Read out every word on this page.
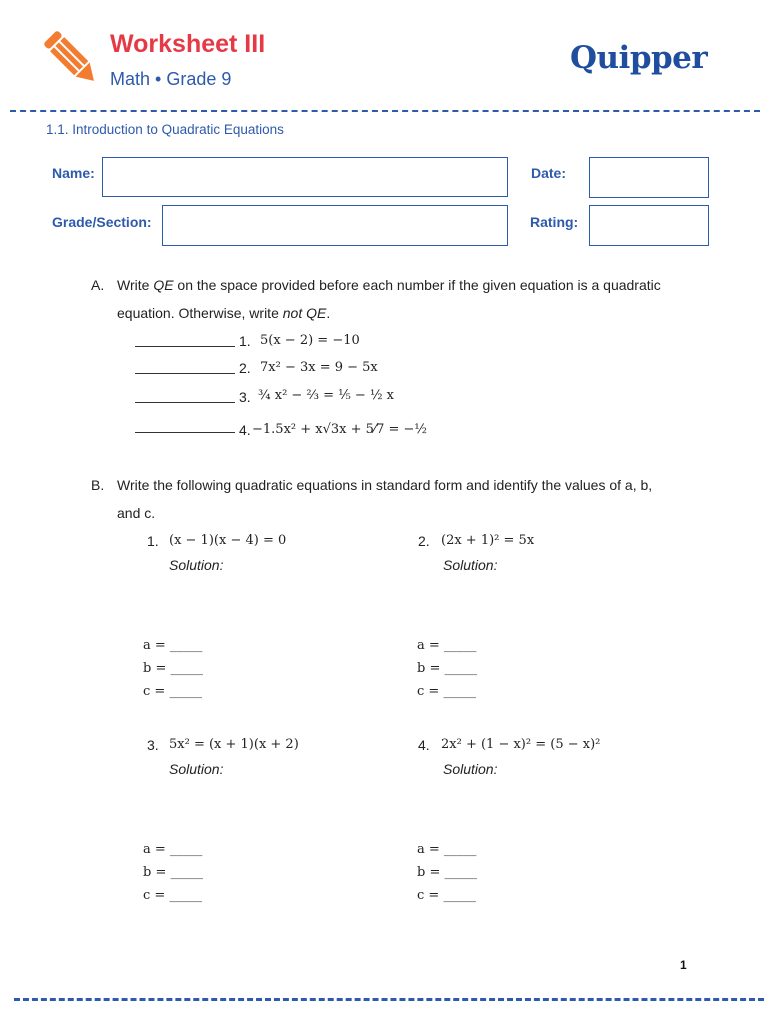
Worksheet III
Math • Grade 9
Quipper
1.1. Introduction to Quadratic Equations
Name:	Date:
Grade/Section:	Rating:
A. Write QE on the space provided before each number if the given equation is a quadratic
equation. Otherwise, write not QE.
1. 5(x − 2) = −10
2. 7x² − 3x = 9 − 5x
3. ¾ x² − ⅔ = ⅕ − ½ x
4. −1.5x² + x√3x + 5⁄7 = −½
B. Write the following quadratic equations in standard form and identify the values of a, b,
and c.
1. (x − 1)(x − 4) = 0
Solution:
a = _____
b = _____
c = _____
2. (2x + 1)² = 5x
Solution:
a = _____
b = _____
c = _____
3. 5x² = (x + 1)(x + 2)
Solution:
a = _____
b = _____
c = _____
4. 2x² + (1 − x)² = (5 − x)²
Solution:
a = _____
b = _____
c = _____
1
